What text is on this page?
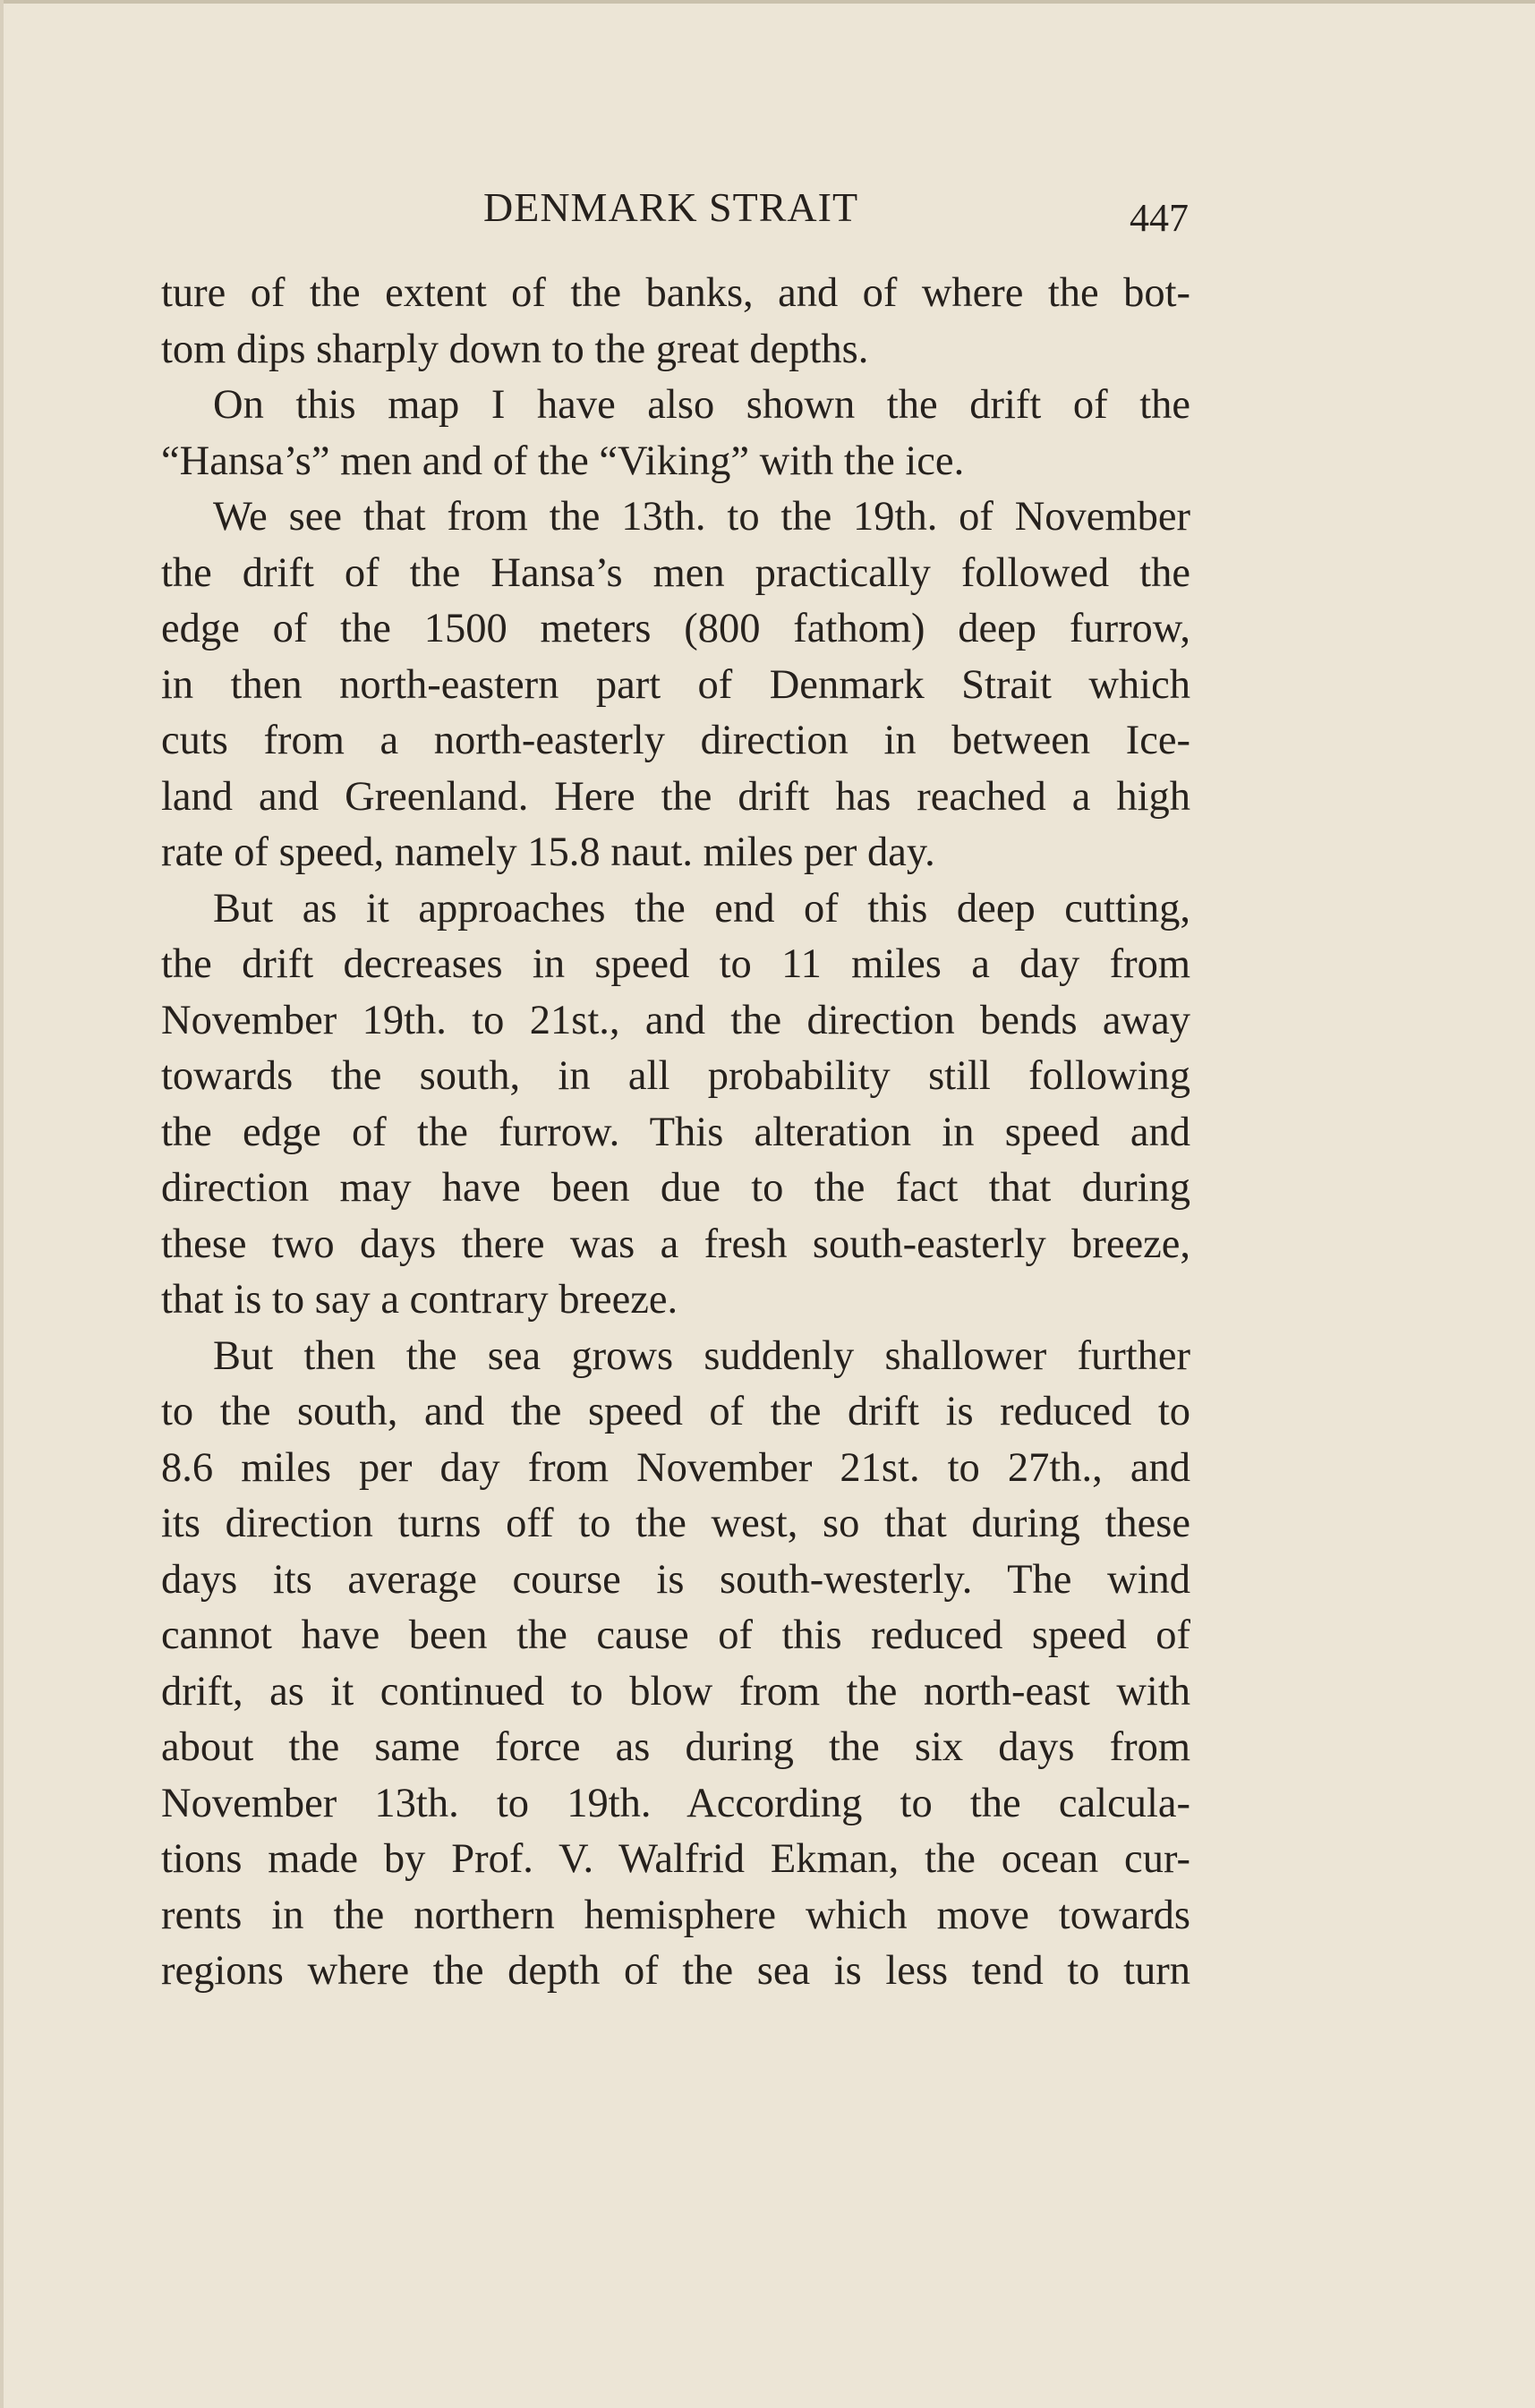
DENMARK STRAIT	447
ture of the extent of the banks, and of where the bot-
tom dips sharply down to the great depths.
On this map I have also shown the drift of the
“Hansa’s” men and of the “Viking” with the ice.
We see that from the 13th. to the 19th. of November
the drift of the Hansa’s men practically followed the
edge of the 1500 meters (800 fathom) deep furrow,
in then north-eastern part of Denmark Strait which
cuts from a north-easterly direction in between Ice-
land and Greenland. Here the drift has reached a high
rate of speed, namely 15.8 naut. miles per day.
But as it approaches the end of this deep cutting,
the drift decreases in speed to 11 miles a day from
November 19th. to 21st., and the direction bends away
towards the south, in all probability still following
the edge of the furrow. This alteration in speed and
direction may have been due to the fact that during
these two days there was a fresh south-easterly breeze,
that is to say a contrary breeze.
But then the sea grows suddenly shallower further
to the south, and the speed of the drift is reduced to
8.6 miles per day from November 21st. to 27th., and
its direction turns off to the west, so that during these
days its average course is south-westerly. The wind
cannot have been the cause of this reduced speed of
drift, as it continued to blow from the north-east with
about the same force as during the six days from
November 13th. to 19th. According to the calcula-
tions made by Prof. V. Walfrid Ekman, the ocean cur-
rents in the northern hemisphere which move towards
regions where the depth of the sea is less tend to turn
